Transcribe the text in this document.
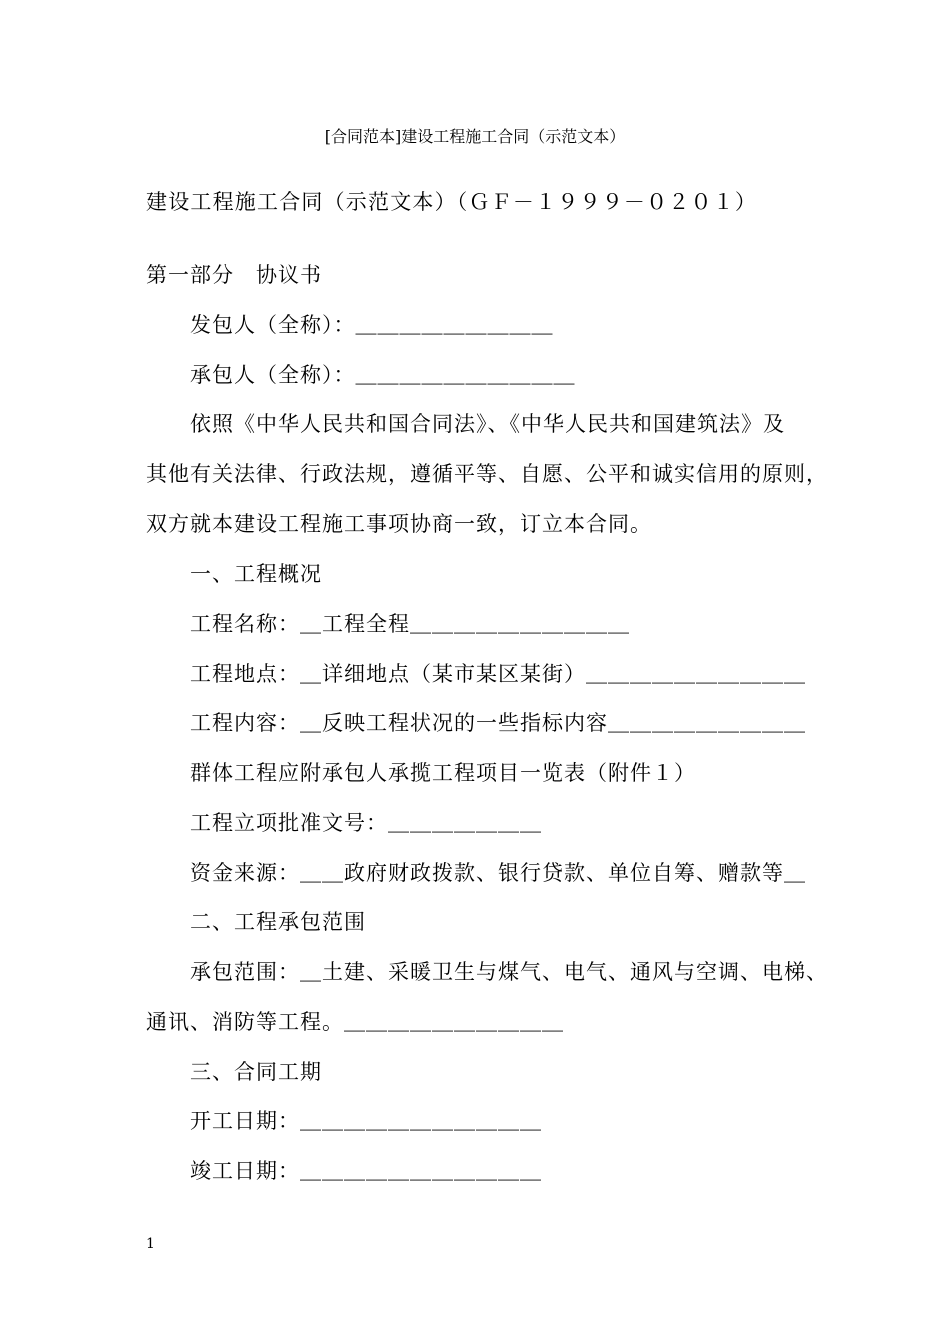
[合同范本]建设工程施工合同（示范文本）
建设工程施工合同（示范文本）（ＧＦ－１９９９－０２０１）
第一部分　协议书
发包人（全称）：＿＿＿＿＿＿＿＿＿
承包人（全称）：＿＿＿＿＿＿＿＿＿＿
依照《中华人民共和国合同法》、《中华人民共和国建筑法》及
其他有关法律、行政法规，遵循平等、自愿、公平和诚实信用的原则，
双方就本建设工程施工事项协商一致，订立本合同。
一、工程概况
工程名称：＿工程全程＿＿＿＿＿＿＿＿＿＿
工程地点：＿详细地点（某市某区某街）＿＿＿＿＿＿＿＿＿＿
工程内容：＿反映工程状况的一些指标内容＿＿＿＿＿＿＿＿＿
群体工程应附承包人承揽工程项目一览表（附件１）
工程立项批准文号：＿＿＿＿＿＿＿
资金来源：＿＿政府财政拨款、银行贷款、单位自筹、赠款等＿
二、工程承包范围
承包范围：＿土建、采暖卫生与煤气、电气、通风与空调、电梯、
通讯、消防等工程。＿＿＿＿＿＿＿＿＿＿
三、合同工期
开工日期：＿＿＿＿＿＿＿＿＿＿＿
竣工日期：＿＿＿＿＿＿＿＿＿＿＿
1
